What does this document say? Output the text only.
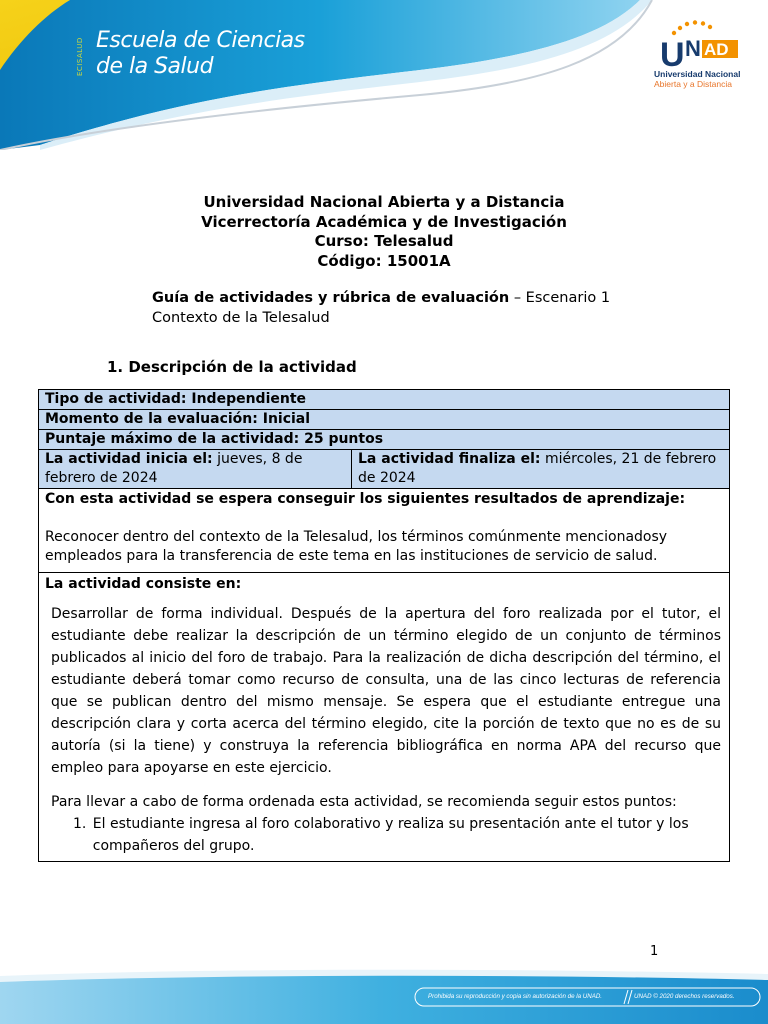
ECISALUD Escuela de Ciencias
de la Salud	U N AD
Universidad Nacional
Abierta y a Distancia
Universidad Nacional Abierta y a Distancia
Vicerrectoría Académica y de Investigación
Curso: Telesalud
Código: 15001A
Guía de actividades y rúbrica de evaluación – Escenario 1
Contexto de la Telesalud
1. Descripción de la actividad
Tipo de actividad: Independiente
Momento de la evaluación: Inicial
Puntaje máximo de la actividad: 25 puntos
La actividad inicia el: jueves, 8 de febrero de 2024	La actividad finaliza el: miércoles, 21 de febrero de 2024

Con esta actividad se espera conseguir los siguientes resultados de aprendizaje:
Reconocer dentro del contexto de la Telesalud, los términos comúnmente mencionadosy empleados para la transferencia de este tema en las instituciones de servicio de salud.

La actividad consiste en:
Desarrollar de forma individual. Después de la apertura del foro realizada por el tutor, el estudiante debe realizar la descripción de un término elegido de un conjunto de términos publicados al inicio del foro de trabajo. Para la realización de dicha descripción del término, el estudiante deberá tomar como recurso de consulta, una de las cinco lecturas de referencia que se publican dentro del mismo mensaje. Se espera que el estudiante entregue una descripción clara y corta acerca del término elegido, cite la porción de texto que no es de su autoría (si la tiene) y construya la referencia bibliográfica en norma APA del recurso que empleo para apoyarse en este ejercicio.
Para llevar a cabo de forma ordenada esta actividad, se recomienda seguir estos puntos:
1. El estudiante ingresa al foro colaborativo y realiza su presentación ante el tutor y los compañeros del grupo.
1
Prohibida su reproducción y copia sin autorización de la UNAD.	UNAD © 2020 derechos reservados.
